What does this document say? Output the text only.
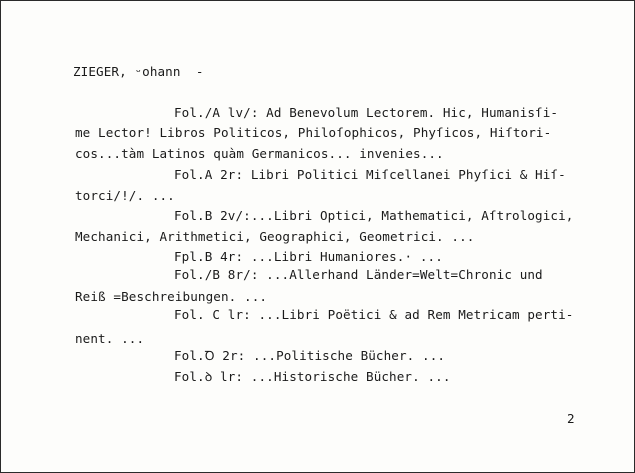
ZIEGER, ᵕohann  -
Fol./A lv/: Ad Benevolum Lectorem. Hic, Humanisſi-
me Lector! Libros Politicos, Philoſophicos, Phyſicos, Hiſtori-
cos...tàm Latinos quàm Germanicos... invenies...
Fol.A 2r: Libri Politici Miſcellanei Phyſici & Hiſ-
torci/!/. ...
Fol.B 2v/:...Libri Optici, Mathematici, Aſtrologici,
Mechanici, Arithmetici, Geographici, Geometrici. ...
Fpl.B 4r: ...Libri Humaniores.· ...
Fol./B 8r/: ...Allerhand Länder=Welt=Chronic und
Reiß =Beschreibungen. ...
Fol. C lr: ...Libri Poëtici & ad Rem Metricam perti-
nent. ...
Fol.Ꝺ 2r: ...Politische Bücher. ...
Fol.ꝺ lr: ...Historische Bücher. ...
2
